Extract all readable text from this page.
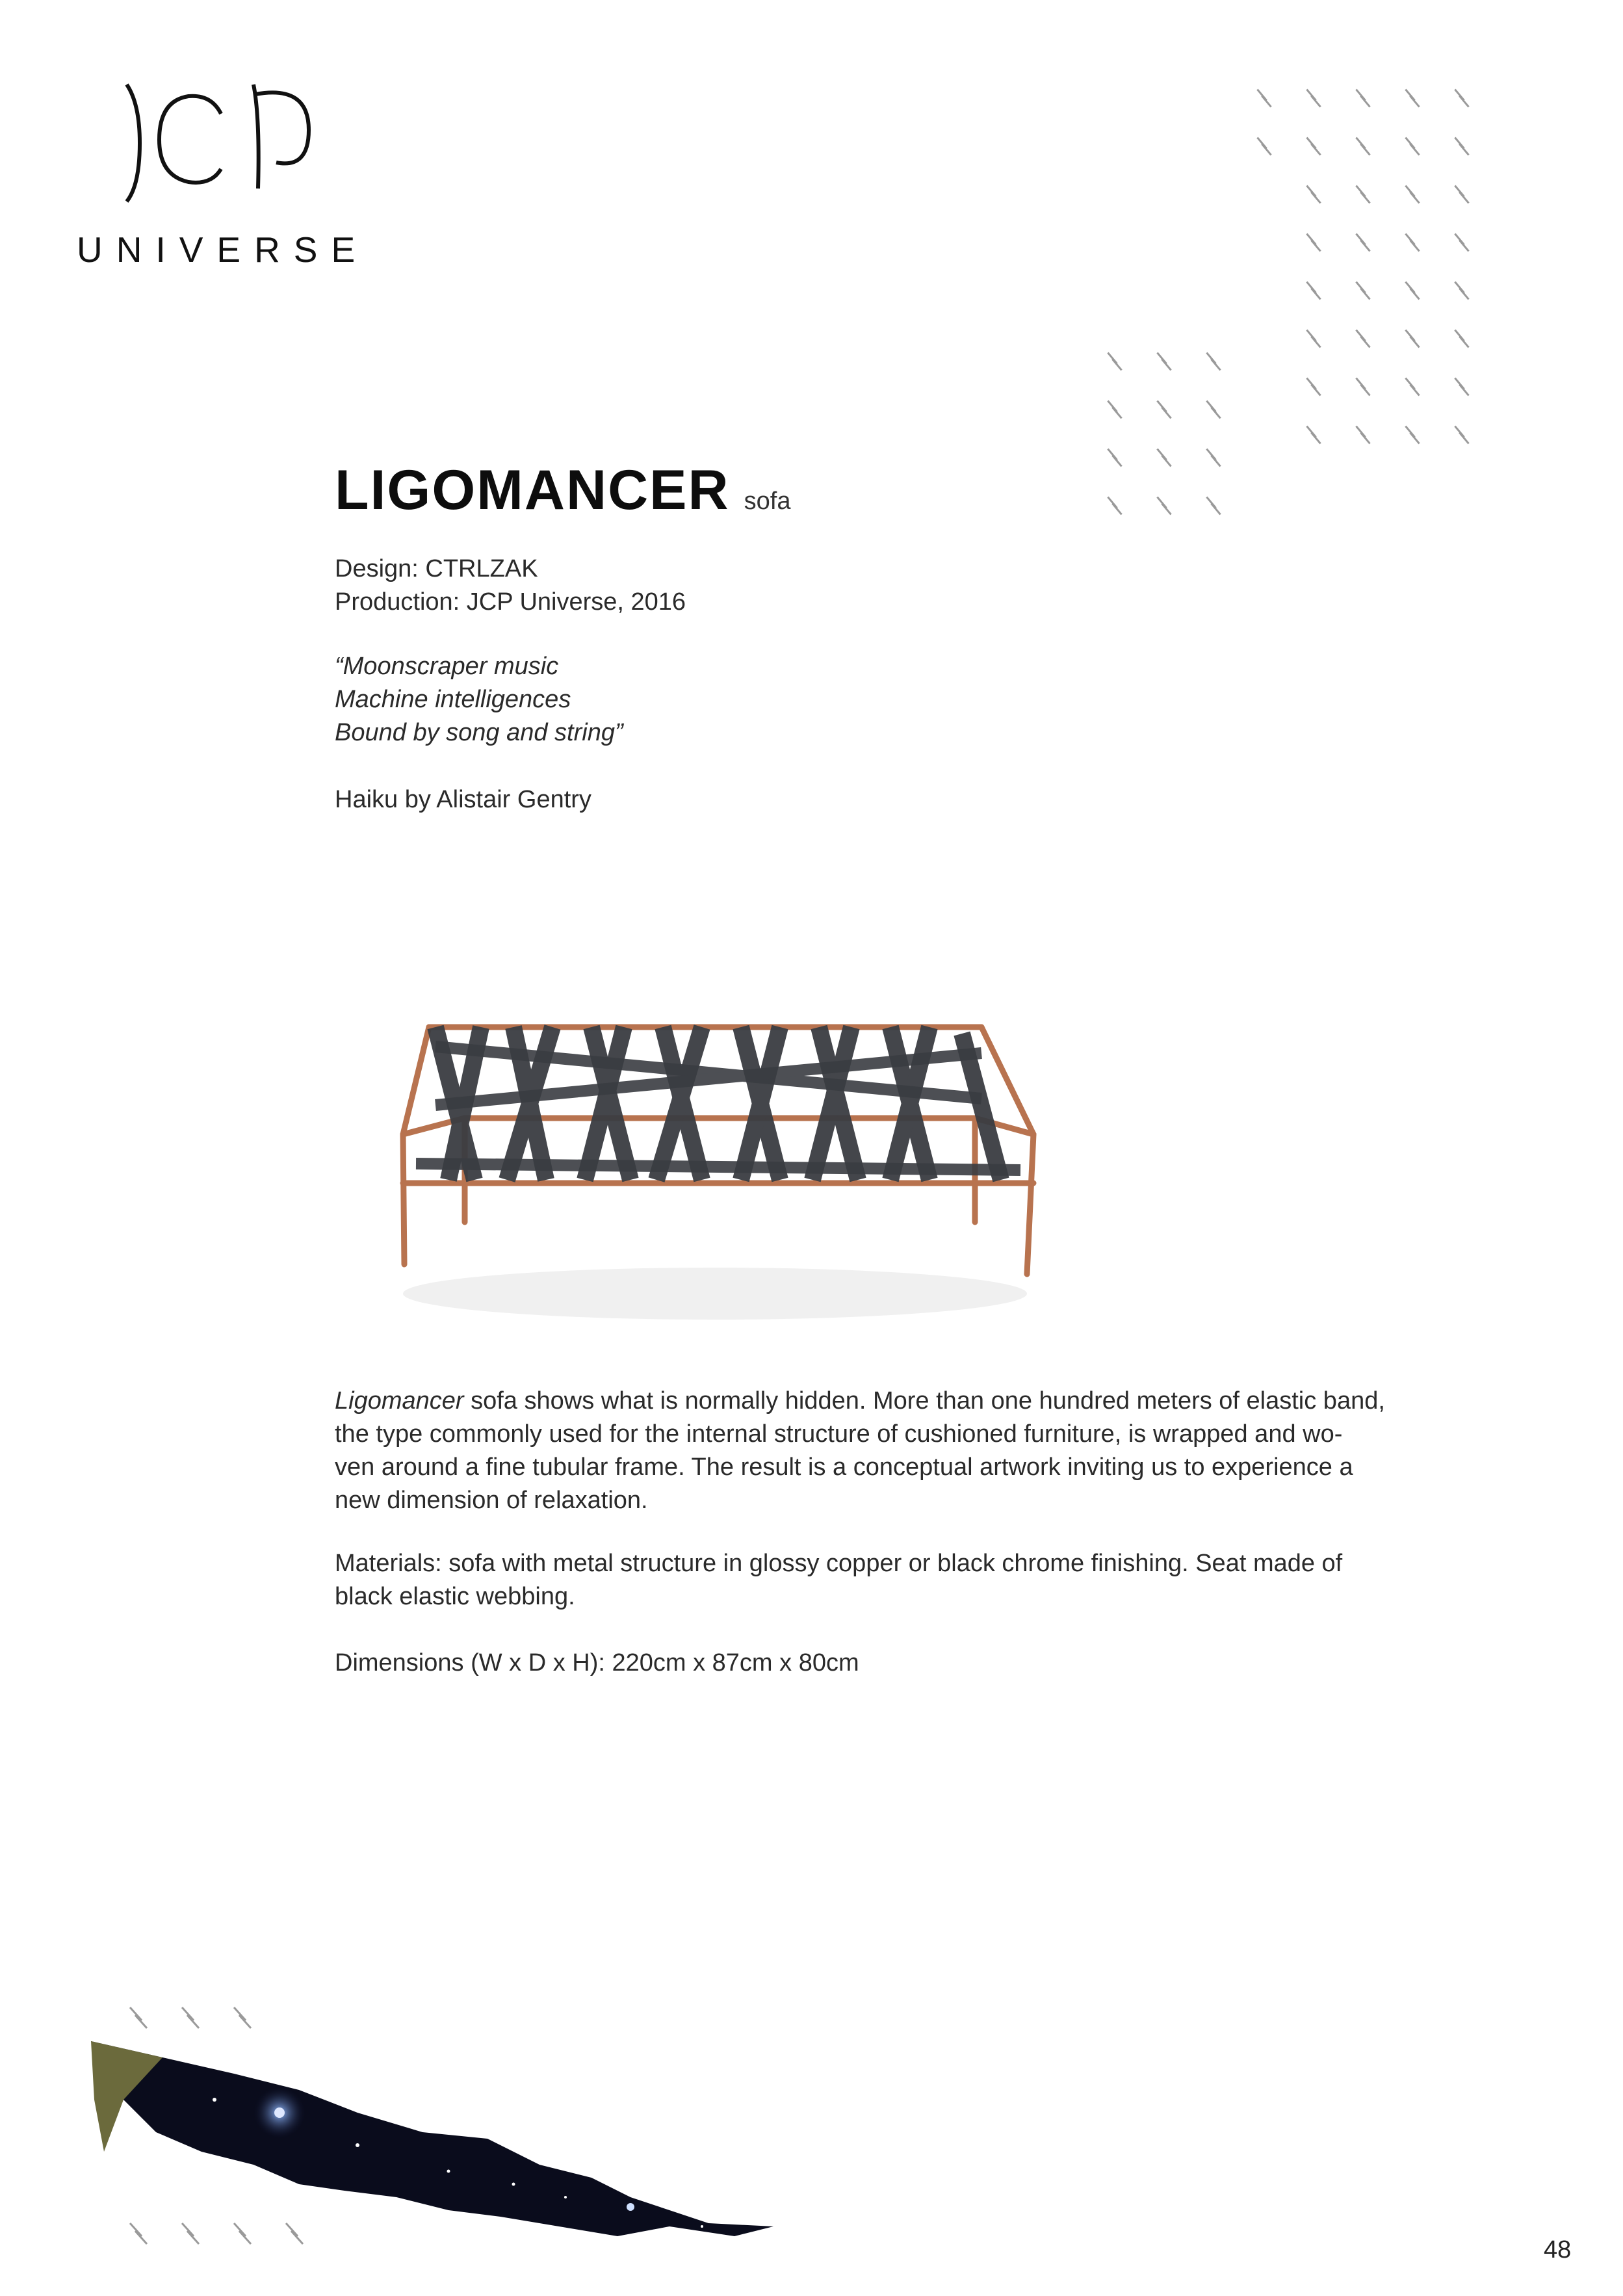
UNIVERSE
LIGOMANCER sofa
Design: CTRLZAK
Production: JCP Universe, 2016
“Moonscraper music
Machine intelligences
Bound by song and string”
Haiku by Alistair Gentry
Ligomancer sofa shows what is normally hidden. More than one hundred meters of elastic band,
the type commonly used for the internal structure of cushioned furniture, is wrapped and wo-
ven around a fine tubular frame. The result is a conceptual artwork inviting us to experience a
new dimension of relaxation.
Materials: sofa with metal structure in glossy copper or black chrome finishing. Seat made of
black elastic webbing.
Dimensions (W x D x H): 220cm x 87cm x 80cm
48
